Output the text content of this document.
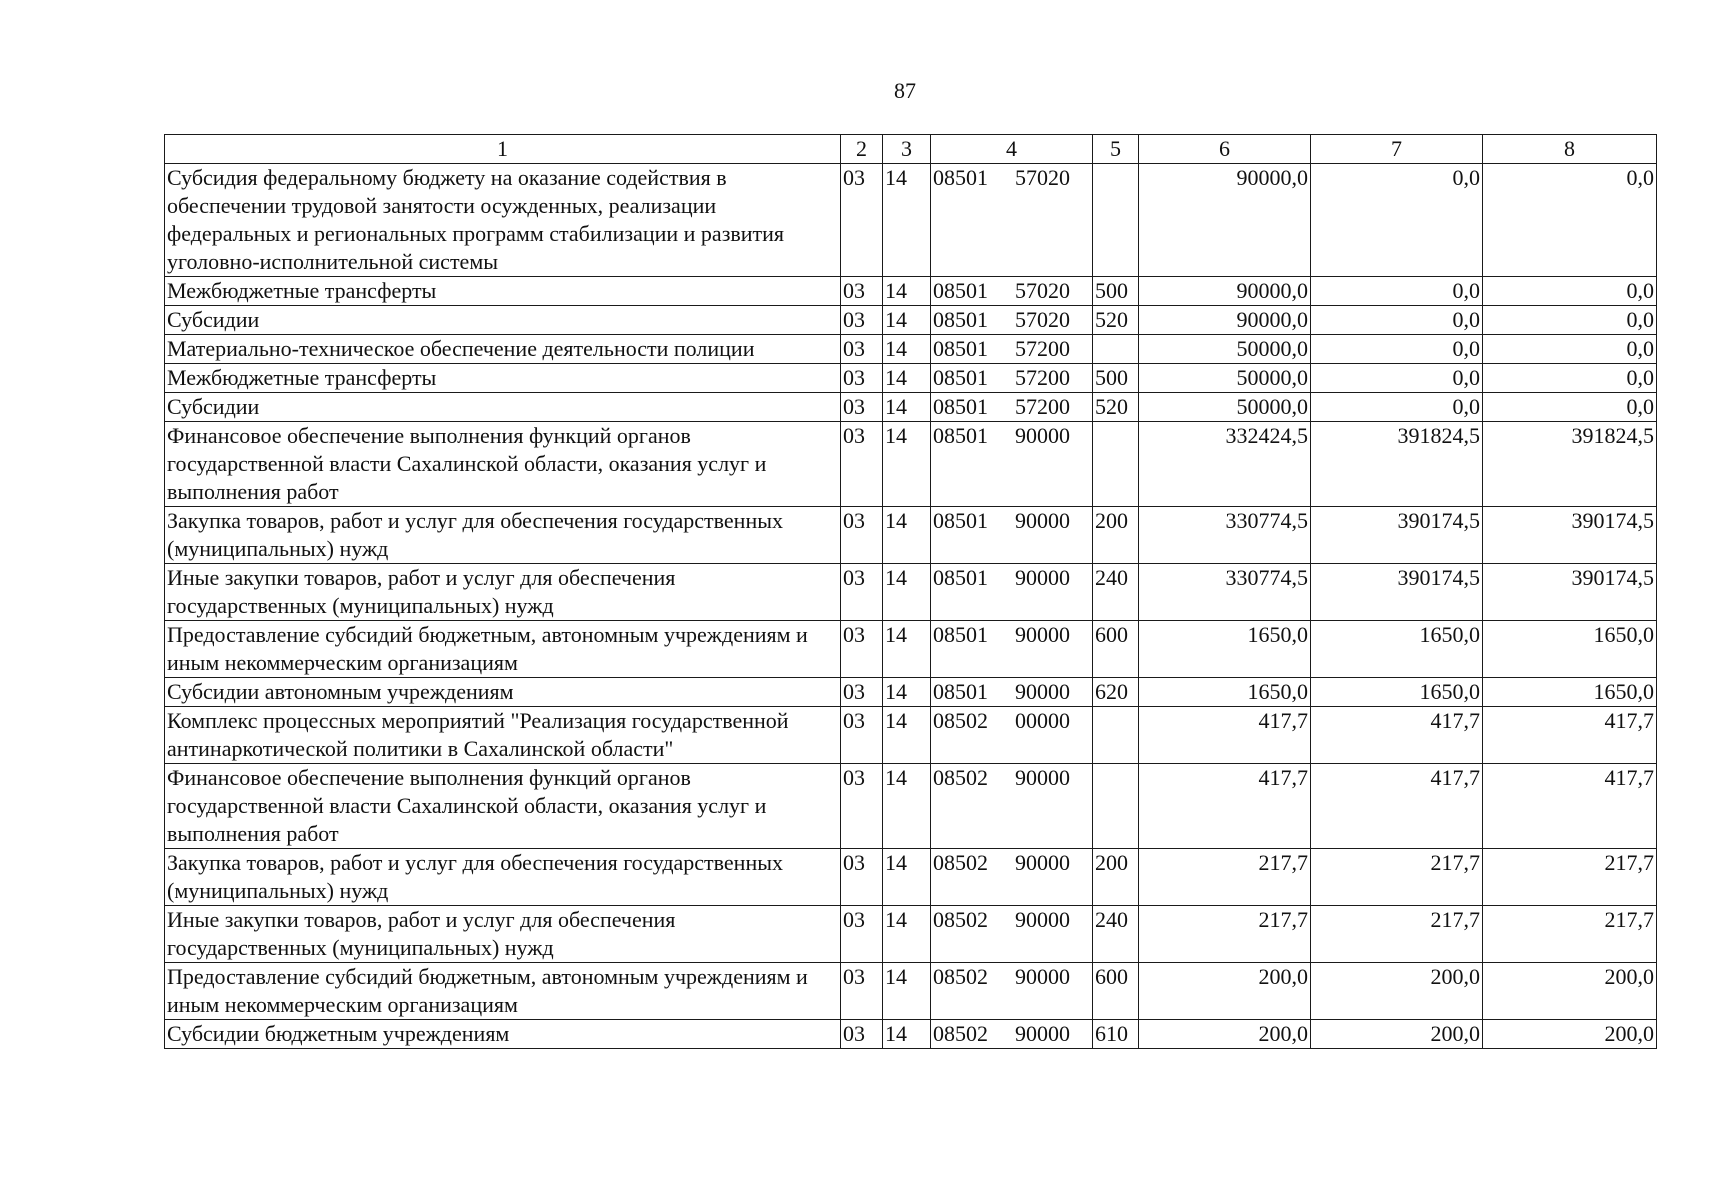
87
1	2	3	4	5	6	7	8
Субсидия федеральному бюджету на оказание содействия в обеспечении трудовой занятости осужденных, реализации федеральных и региональных программ стабилизации и развития уголовно-исполнительной системы	03	14	08501 57020		90000,0	0,0	0,0
Межбюджетные трансферты	03	14	08501 57020	500	90000,0	0,0	0,0
Субсидии	03	14	08501 57020	520	90000,0	0,0	0,0
Материально-техническое обеспечение деятельности полиции	03	14	08501 57200		50000,0	0,0	0,0
Межбюджетные трансферты	03	14	08501 57200	500	50000,0	0,0	0,0
Субсидии	03	14	08501 57200	520	50000,0	0,0	0,0
Финансовое обеспечение выполнения функций органов государственной власти Сахалинской области, оказания услуг и выполнения работ	03	14	08501 90000		332424,5	391824,5	391824,5
Закупка товаров, работ и услуг для обеспечения государственных (муниципальных) нужд	03	14	08501 90000	200	330774,5	390174,5	390174,5
Иные закупки товаров, работ и услуг для обеспечения государственных (муниципальных) нужд	03	14	08501 90000	240	330774,5	390174,5	390174,5
Предоставление субсидий бюджетным, автономным учреждениям и иным некоммерческим организациям	03	14	08501 90000	600	1650,0	1650,0	1650,0
Субсидии автономным учреждениям	03	14	08501 90000	620	1650,0	1650,0	1650,0
Комплекс процессных мероприятий "Реализация государственной антинаркотической политики в Сахалинской области"	03	14	08502 00000		417,7	417,7	417,7
Финансовое обеспечение выполнения функций органов государственной власти Сахалинской области, оказания услуг и выполнения работ	03	14	08502 90000		417,7	417,7	417,7
Закупка товаров, работ и услуг для обеспечения государственных (муниципальных) нужд	03	14	08502 90000	200	217,7	217,7	217,7
Иные закупки товаров, работ и услуг для обеспечения государственных (муниципальных) нужд	03	14	08502 90000	240	217,7	217,7	217,7
Предоставление субсидий бюджетным, автономным учреждениям и иным некоммерческим организациям	03	14	08502 90000	600	200,0	200,0	200,0
Субсидии бюджетным учреждениям	03	14	08502 90000	610	200,0	200,0	200,0
